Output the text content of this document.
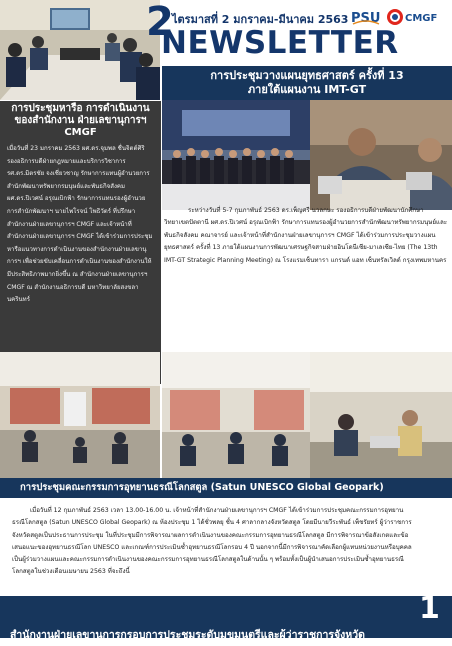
2
ไตรมาสที่ 2 มกราคม-มีนาคม 2563
NEWSLETTER
PSU CMGF
การประชุมหารือ การดำเนินงานของสำนักงาน ฝ่ายเลขานุการฯ CMGF
เมื่อวันที่ 23 มกราคม 2563 ผศ.ดร.จุมพล ชื่นจิตต์ศิริ รองอธิการบดีฝ่ายกฎหมายและบริการวิชาการ รศ.ดร.มิตรชัย จงเชี่ยวชาญ รักษาการแทนผู้อำนวยการสำนักพัฒนาทรัพยากรมนุษย์และพันธกิจสังคม ผศ.ดร.ปิเวศน์ อรุณเบิกฟ้า รักษาการแทนรองผู้อำนวยการสำนักพัฒนาฯ นายไพโรจน์ โพธิวัตร์ ที่ปรึกษาสำนักงานฝ่ายเลขานุการฯ CMGF และเจ้าหน้าที่สำนักงานฝ่ายเลขานุการฯ CMGF ได้เข้าร่วมการประชุมหารือแนวทางการดำเนินงานของสำนักงานฝ่ายเลขานุการฯ เพื่อช่วยขับเคลื่อนการดำเนินงานของสำนักงานให้มีประสิทธิภาพมากยิ่งขึ้น ณ สำนักงานฝ่ายเลขานุการฯ CMGF ณ สำนักงานอธิการบดี มหาวิทยาลัยสงขลานครินทร์
การประชุมวางแผนยุทธศาสตร์ ครั้งที่ 13
ภายใต้แผนงาน IMT-GT
ระหว่างวันที่ 5-7 กุมภาพันธ์ 2563 ดร.เพ็ญศรี นวลกษะ รองอธิการบดีฝ่ายพัฒนานักศึกษา วิทยาเขตปัตตานี ผศ.ดร.ปิเวศน์ อรุณเบิกฟ้า รักษาการแทนรองผู้อำนวยการสำนักพัฒนาทรัพยากรมนุษย์และพันธกิจสังคม คณาจารย์ และเจ้าหน้าที่สำนักงานฝ่ายเลขานุการฯ CMGF ได้เข้าร่วมการประชุมวางแผนยุทธศาสตร์ ครั้งที่ 13 ภายใต้แผนงานการพัฒนาเศรษฐกิจสามฝ่ายอินโดนีเซีย-มาเลเซีย-ไทย (The 13th IMT-GT Strategic Planning Meeting) ณ โรงแรมเซ็นทารา แกรนด์ แอท เซ็นทรัลเวิลด์ กรุงเทพมหานคร
การประชุมคณะกรรมการอุทยานธรณีโลกสตูล (Satun UNESCO Global Geopark)
เมื่อวันที่ 12 กุมภาพันธ์ 2563 เวลา 13.00-16.00 น. เจ้าหน้าที่สำนักงานฝ่ายเลขานุการฯ CMGF ได้เข้าร่วมการประชุมคณะกรรมการอุทยานธรณีโลกสตูล (Satun UNESCO Global Geopark) ณ ห้องประชุม 1 ได้ชั่วพลยุ ชั้น 4 ศาลากลางจังหวัดสตูล โดยมีนายวีระพันธ์ เพ็ชรัยทร์ ผู้ว่าราชการจังหวัดสตูลเป็นประธานการประชุม ในที่ประชุมมีการพิจารณาผลการดำเนินงานของคณะกรรมการอุทยานธรณีโลกสตูล มีการพิจารณาข้อสังเกตและข้อเสนอแนะของอุทยานธรณีโลก UNESCO และเกณฑ์การประเมินซ้ำอุทยานธรณีโลกรอบ 4 ปี นอกจากนี้มีการพิจารณาคัดเลือกผู้แทนหน่วยงานหรือบุคคลเป็นผู้ร่วมวางแผนและคณะกรรมการดำเนินงานของคณะกรรมการอุทยานธรณีโลกสตูลในด้านนั้น ๆ พร้อมทั้งเป็นผู้นำเสนอการประเมินซ้ำอุทยานธรณีโลกสตูลในช่วงเดือนเมษายน 2563 ที่จะถึงนี้
สำนักงานฝ่ายเลขานุการกรอบการประชุมระดับมุขมนตรีและผู้ว่าราชการจังหวัด
1
